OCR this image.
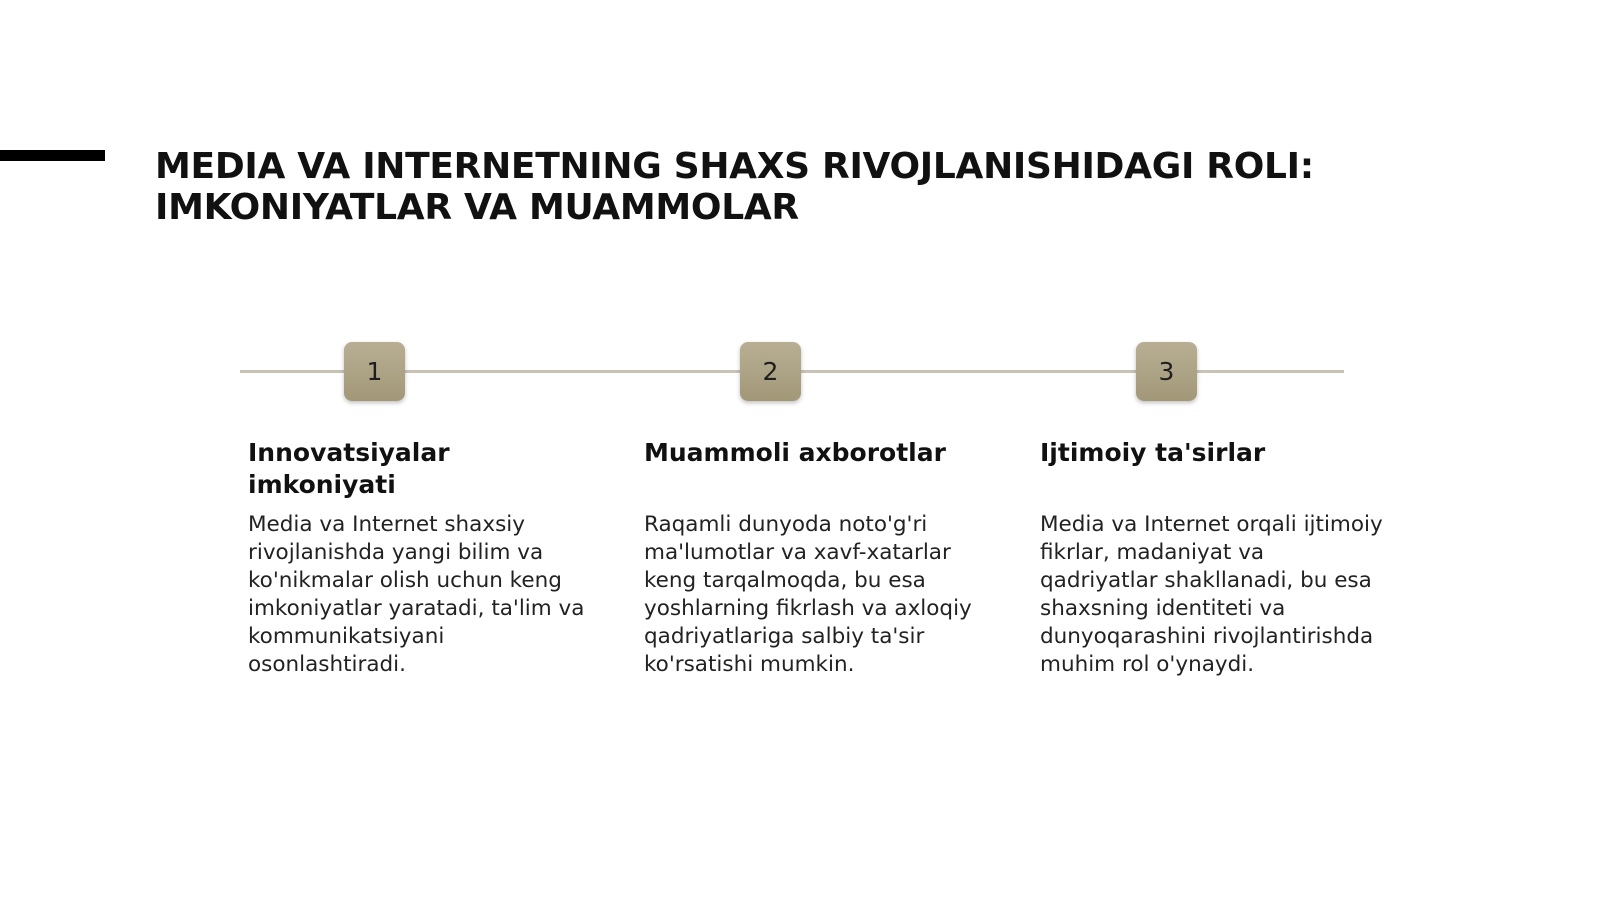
MEDIA VA INTERNETNING SHAXS RIVOJLANISHIDAGI ROLI: IMKONIYATLAR VA MUAMMOLAR
1	2	3
Innovatsiyalar imkoniyati

Media va Internet shaxsiy rivojlanishda yangi bilim va ko'nikmalar olish uchun keng imkoniyatlar yaratadi, ta'lim va kommunikatsiyani osonlashtiradi.

Muammoli axborotlar

Raqamli dunyoda noto'g'ri ma'lumotlar va xavf-xatarlar keng tarqalmoqda, bu esa yoshlarning fikrlash va axloqiy qadriyatlariga salbiy ta'sir ko'rsatishi mumkin.

Ijtimoiy ta'sirlar

Media va Internet orqali ijtimoiy fikrlar, madaniyat va qadriyatlar shakllanadi, bu esa shaxsning identiteti va dunyoqarashini rivojlantirishda muhim rol o'ynaydi.
